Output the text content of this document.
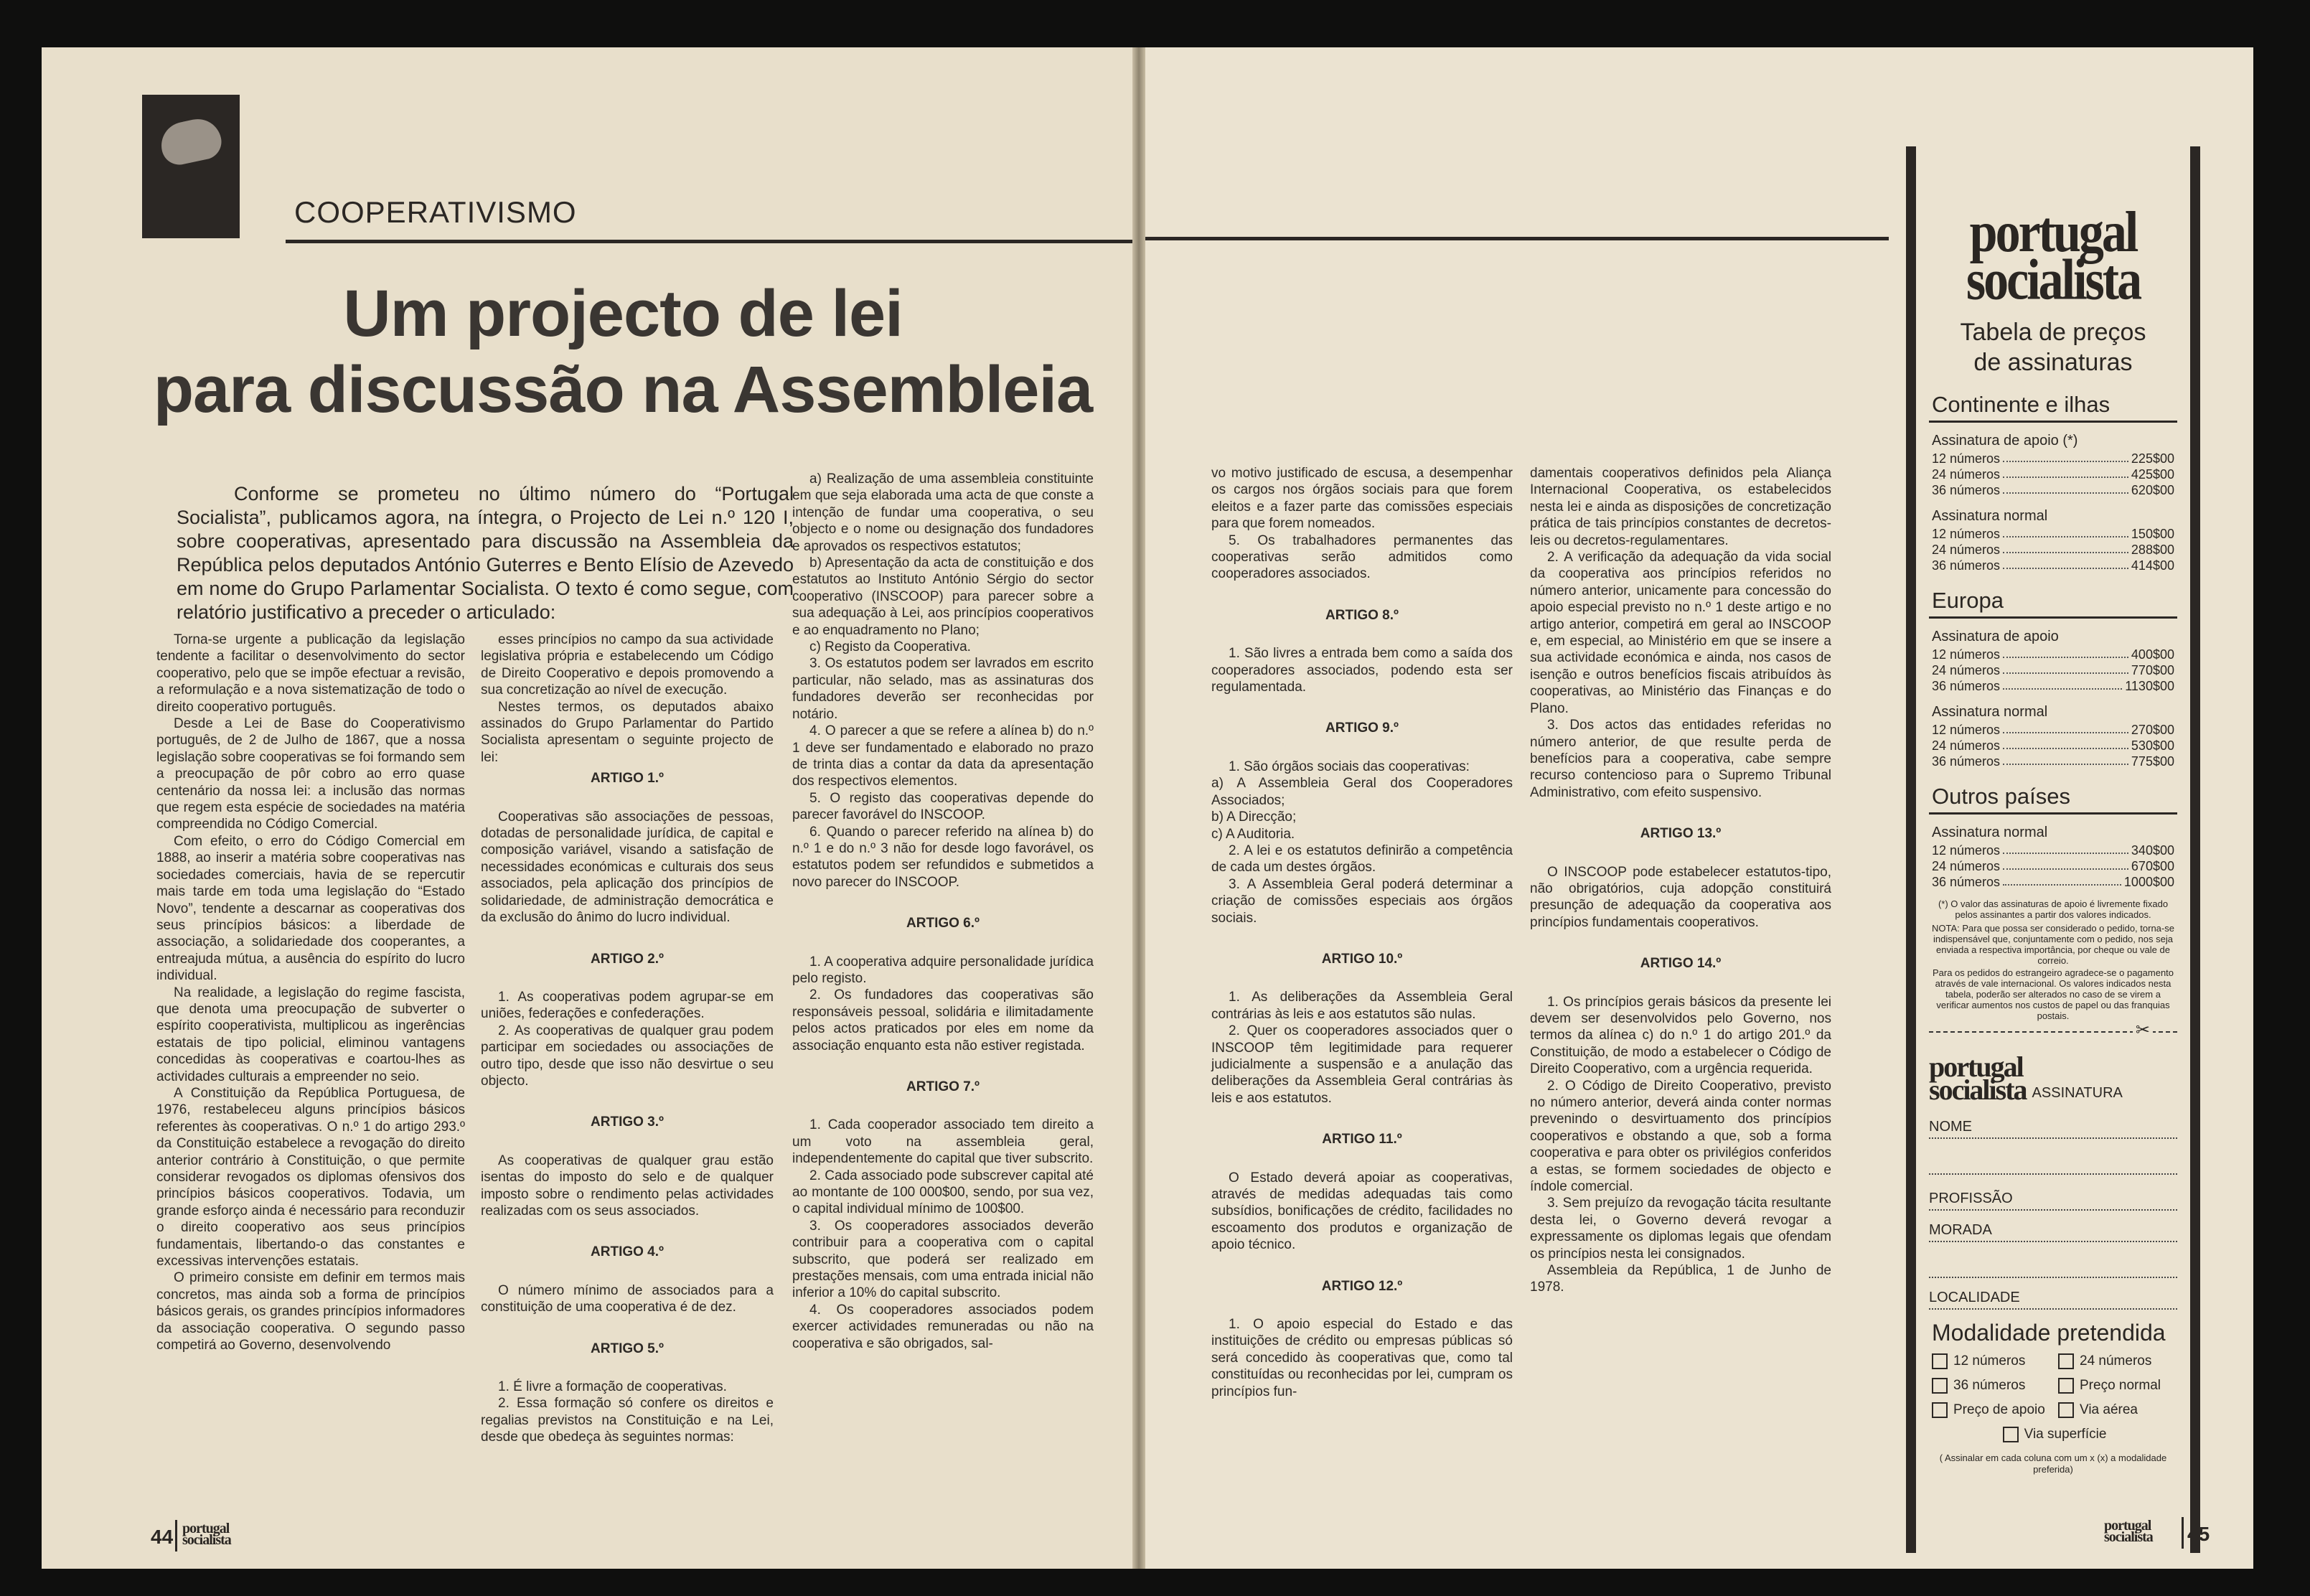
COOPERATIVISMO
Um projecto de lei
para discussão na Assembleia
Conforme se prometeu no último número do “Portugal Socialista”, publicamos agora, na íntegra, o Projecto de Lei n.º 120 I, sobre cooperativas, apresentado para discussão na Assembleia da República pelos deputados António Guterres e Bento Elísio de Azevedo em nome do Grupo Parlamentar Socialista. O texto é como segue, com relatório justificativo a preceder o articulado:

Torna-se urgente a publicação da legislação tendente a facilitar o desenvolvimento do sector cooperativo, pelo que se impõe efectuar a revisão, a reformulação e a nova sistematização de todo o direito cooperativo português.

Desde a Lei de Base do Cooperativismo português, de 2 de Julho de 1867, que a nossa legislação sobre cooperativas se foi formando sem a preocupação de pôr cobro ao erro quase centenário da nossa lei: a inclusão das normas que regem esta espécie de sociedades na matéria compreendida no Código Comercial.

Com efeito, o erro do Código Comercial em 1888, ao inserir a matéria sobre cooperativas nas sociedades comerciais, havia de se repercutir mais tarde em toda uma legislação do “Estado Novo”, tendente a descarnar as cooperativas dos seus princípios básicos: a liberdade de associação, a solidariedade dos cooperantes, a entreajuda mútua, a ausência do espírito do lucro individual.

Na realidade, a legislação do regime fascista, que denota uma preocupação de subverter o espírito cooperativista, multiplicou as ingerências estatais de tipo policial, eliminou vantagens concedidas às cooperativas e coartou-lhes as actividades culturais a empreender no seio.

A Constituição da República Portuguesa, de 1976, restabeleceu alguns princípios básicos referentes às cooperativas. O n.º 1 do artigo 293.º da Constituição estabelece a revogação do direito anterior contrário à Constituição, o que permite considerar revogados os diplomas ofensivos dos princípios básicos cooperativos. Todavia, um grande esforço ainda é necessário para reconduzir o direito cooperativo aos seus princípios fundamentais, libertando-o das constantes e excessivas intervenções estatais.

O primeiro consiste em definir em termos mais concretos, mas ainda sob a forma de princípios básicos gerais, os grandes princípios informadores da associação cooperativa. O segundo passo competirá ao Governo, desenvolvendo

esses princípios no campo da sua actividade legislativa própria e estabelecendo um Código de Direito Cooperativo e depois promovendo a sua concretização ao nível de execução.

Nestes termos, os deputados abaixo assinados do Grupo Parlamentar do Partido Socialista apresentam o seguinte projecto de lei:

ARTIGO 1.º

Cooperativas são associações de pessoas, dotadas de personalidade jurídica, de capital e composição variável, visando a satisfação de necessidades económicas e culturais dos seus associados, pela aplicação dos princípios de solidariedade, de administração democrática e da exclusão do ânimo do lucro individual.

ARTIGO 2.º

1. As cooperativas podem agrupar-se em uniões, federações e confederações.

2. As cooperativas de qualquer grau podem participar em sociedades ou associações de outro tipo, desde que isso não desvirtue o seu objecto.

ARTIGO 3.º

As cooperativas de qualquer grau estão isentas do imposto do selo e de qualquer imposto sobre o rendimento pelas actividades realizadas com os seus associados.

ARTIGO 4.º

O número mínimo de associados para a constituição de uma cooperativa é de dez.

ARTIGO 5.º

1. É livre a formação de cooperativas.

2. Essa formação só confere os direitos e regalias previstos na Constituição e na Lei, desde que obedeça às seguintes normas:

a) Realização de uma assembleia constituinte em que seja elaborada uma acta de que conste a intenção de fundar uma cooperativa, o seu objecto e o nome ou designação dos fundadores e aprovados os respectivos estatutos;

b) Apresentação da acta de constituição e dos estatutos ao Instituto António Sérgio do sector cooperativo (INSCOOP) para parecer sobre a sua adequação à Lei, aos princípios cooperativos e ao enquadramento no Plano;

c) Registo da Cooperativa.

3. Os estatutos podem ser lavrados em escrito particular, não selado, mas as assinaturas dos fundadores deverão ser reconhecidas por notário.

4. O parecer a que se refere a alínea b) do n.º 1 deve ser fundamentado e elaborado no prazo de trinta dias a contar da data da apresentação dos respectivos elementos.

5. O registo das cooperativas depende do parecer favorável do INSCOOP.

6. Quando o parecer referido na alínea b) do n.º 1 e do n.º 3 não for desde logo favorável, os estatutos podem ser refundidos e submetidos a novo parecer do INSCOOP.

ARTIGO 6.º

1. A cooperativa adquire personalidade jurídica pelo registo.

2. Os fundadores das cooperativas são responsáveis pessoal, solidária e ilimitadamente pelos actos praticados por eles em nome da associação enquanto esta não estiver registada.

ARTIGO 7.º

1. Cada cooperador associado tem direito a um voto na assembleia geral, independentemente do capital que tiver subscrito.

2. Cada associado pode subscrever capital até ao montante de 100 000$00, sendo, por sua vez, o capital individual mínimo de 100$00.

3. Os cooperadores associados deverão contribuir para a cooperativa com o capital subscrito, que poderá ser realizado em prestações mensais, com uma entrada inicial não inferior a 10% do capital subscrito.

4. Os cooperadores associados podem exercer actividades remuneradas ou não na cooperativa e são obrigados, sal-

44 portugal
socialista

vo motivo justificado de escusa, a desempenhar os cargos nos órgãos sociais para que forem eleitos e a fazer parte das comissões especiais para que forem nomeados.

5. Os trabalhadores permanentes das cooperativas serão admitidos como cooperadores associados.

ARTIGO 8.º

1. São livres a entrada bem como a saída dos cooperadores associados, podendo esta ser regulamentada.

ARTIGO 9.º

1. São órgãos sociais das cooperativas:

a) A Assembleia Geral dos Cooperadores Associados;

b) A Direcção;

c) A Auditoria.

2. A lei e os estatutos definirão a competência de cada um destes órgãos.

3. A Assembleia Geral poderá determinar a criação de comissões especiais aos órgãos sociais.

ARTIGO 10.º

1. As deliberações da Assembleia Geral contrárias às leis e aos estatutos são nulas.

2. Quer os cooperadores associados quer o INSCOOP têm legitimidade para requerer judicialmente a suspensão e a anulação das deliberações da Assembleia Geral contrárias às leis e aos estatutos.

ARTIGO 11.º

O Estado deverá apoiar as cooperativas, através de medidas adequadas tais como subsídios, bonificações de crédito, facilidades no escoamento dos produtos e organização de apoio técnico.

ARTIGO 12.º

1. O apoio especial do Estado e das instituições de crédito ou empresas públicas só será concedido às cooperativas que, como tal constituídas ou reconhecidas por lei, cumpram os princípios fun-

damentais cooperativos definidos pela Aliança Internacional Cooperativa, os estabelecidos nesta lei e ainda as disposições de concretização prática de tais princípios constantes de decretos-leis ou decretos-regulamentares.

2. A verificação da adequação da vida social da cooperativa aos princípios referidos no número anterior, unicamente para concessão do apoio especial previsto no n.º 1 deste artigo e no artigo anterior, competirá em geral ao INSCOOP e, em especial, ao Ministério em que se insere a sua actividade económica e ainda, nos casos de isenção e outros benefícios fiscais atribuídos às cooperativas, ao Ministério das Finanças e do Plano.

3. Dos actos das entidades referidas no número anterior, de que resulte perda de benefícios para a cooperativa, cabe sempre recurso contencioso para o Supremo Tribunal Administrativo, com efeito suspensivo.

ARTIGO 13.º

O INSCOOP pode estabelecer estatutos-tipo, não obrigatórios, cuja adopção constituirá presunção de adequação da cooperativa aos princípios fundamentais cooperativos.

ARTIGO 14.º

1. Os princípios gerais básicos da presente lei devem ser desenvolvidos pelo Governo, nos termos da alínea c) do n.º 1 do artigo 201.º da Constituição, de modo a estabelecer o Código de Direito Cooperativo, com a urgência requerida.

2. O Código de Direito Cooperativo, previsto no número anterior, deverá ainda conter normas prevenindo o desvirtuamento dos princípios cooperativos e obstando a que, sob a forma cooperativa e para obter os privilégios conferidos a estas, se formem sociedades de objecto e índole comercial.

3. Sem prejuízo da revogação tácita resultante desta lei, o Governo deverá revogar a expressamente os diplomas legais que ofendam os princípios nesta lei consignados.

Assembleia da República, 1 de Junho de 1978.

portugal
socialista 45
portugal
socialista
Tabela de preços
de assinaturas
Continente e ilhas
Assinatura de apoio (*)
12 números	225$00
24 números	425$00
36 números	620$00
Assinatura normal
12 números	150$00
24 números	288$00
36 números	414$00
Europa
Assinatura de apoio
12 números	400$00
24 números	770$00
36 números	1130$00
Assinatura normal
12 números	270$00
24 números	530$00
36 números	775$00
Outros países
Assinatura normal
12 números	340$00
24 números	670$00
36 números	1000$00
(*) O valor das assinaturas de apoio é livremente fixado pelos assinantes a partir dos valores indicados.
NOTA: Para que possa ser considerado o pedido, torna-se indispensável que, conjuntamente com o pedido, nos seja enviada a respectiva importância, por cheque ou vale de correio.
Para os pedidos do estrangeiro agradece-se o pagamento através de vale internacional. Os valores indicados nesta tabela, poderão ser alterados no caso de se virem a verificar aumentos nos custos de papel ou das franquias postais.
✂
portugal
socialista ASSINATURA
NOME
PROFISSÃO
MORADA
LOCALIDADE
Modalidade pretendida
12 números	24 números
36 números	Preço normal
Preço de apoio	Via aérea
Via superfície
( Assinalar em cada coluna com um x (x) a modalidade preferida)
